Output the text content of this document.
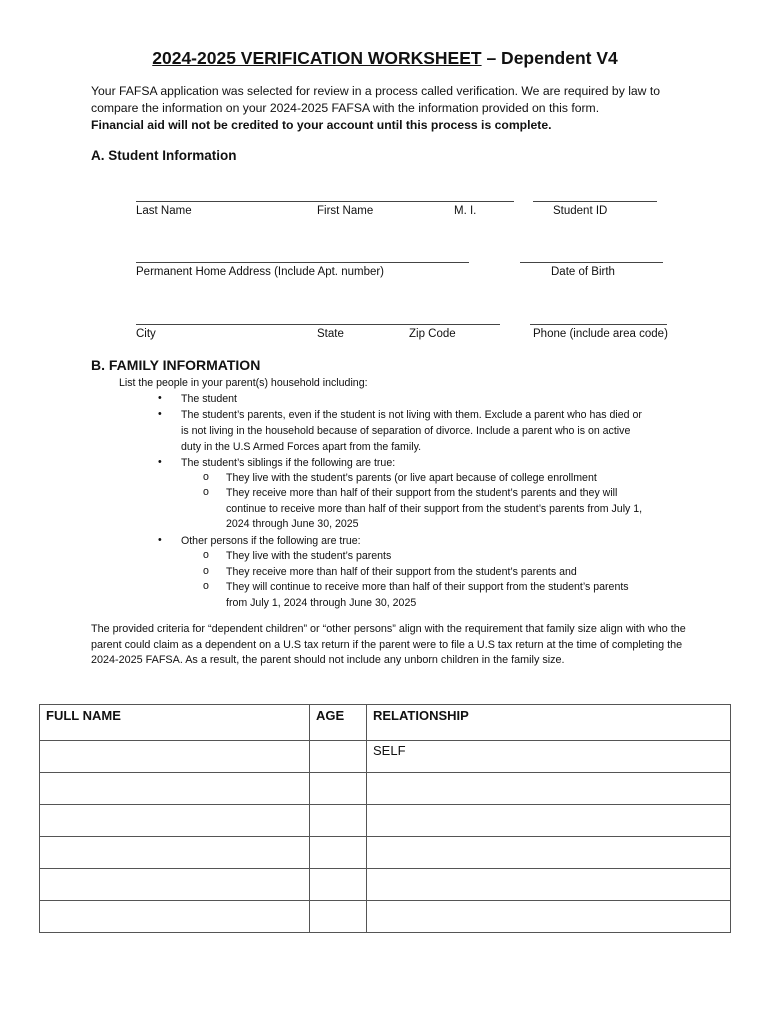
2024-2025 VERIFICATION WORKSHEET – Dependent V4
Your FAFSA application was selected for review in a process called verification. We are required by law to compare the information on your 2024-2025 FAFSA with the information provided on this form.
Financial aid will not be credited to your account until this process is complete.
A. Student Information
Last Name	First Name	M. I.	Student ID
Permanent Home Address (Include Apt. number)	Date of Birth
City	State	Zip Code	Phone (include area code)
B. FAMILY INFORMATION
List the people in your parent(s) household including:
• The student
• The student’s parents, even if the student is not living with them. Exclude a parent who has died or
is not living in the household because of separation of divorce. Include a parent who is on active
duty in the U.S Armed Forces apart from the family.
• The student’s siblings if the following are true:
o They live with the student’s parents (or live apart because of college enrollment
o They receive more than half of their support from the student’s parents and they will
continue to receive more than half of their support from the student’s parents from July 1,
2024 through June 30, 2025
• Other persons if the following are true:
o They live with the student’s parents
o They receive more than half of their support from the student’s parents and
o They will continue to receive more than half of their support from the student’s parents
from July 1, 2024 through June 30, 2025
The provided criteria for “dependent children” or “other persons” align with the requirement that family size align with who the parent could claim as a dependent on a U.S tax return if the parent were to file a U.S tax return at the time of completing the 2024-2025 FAFSA. As a result, the parent should not include any unborn children in the family size.
FULL NAME	AGE	RELATIONSHIP
		SELF
